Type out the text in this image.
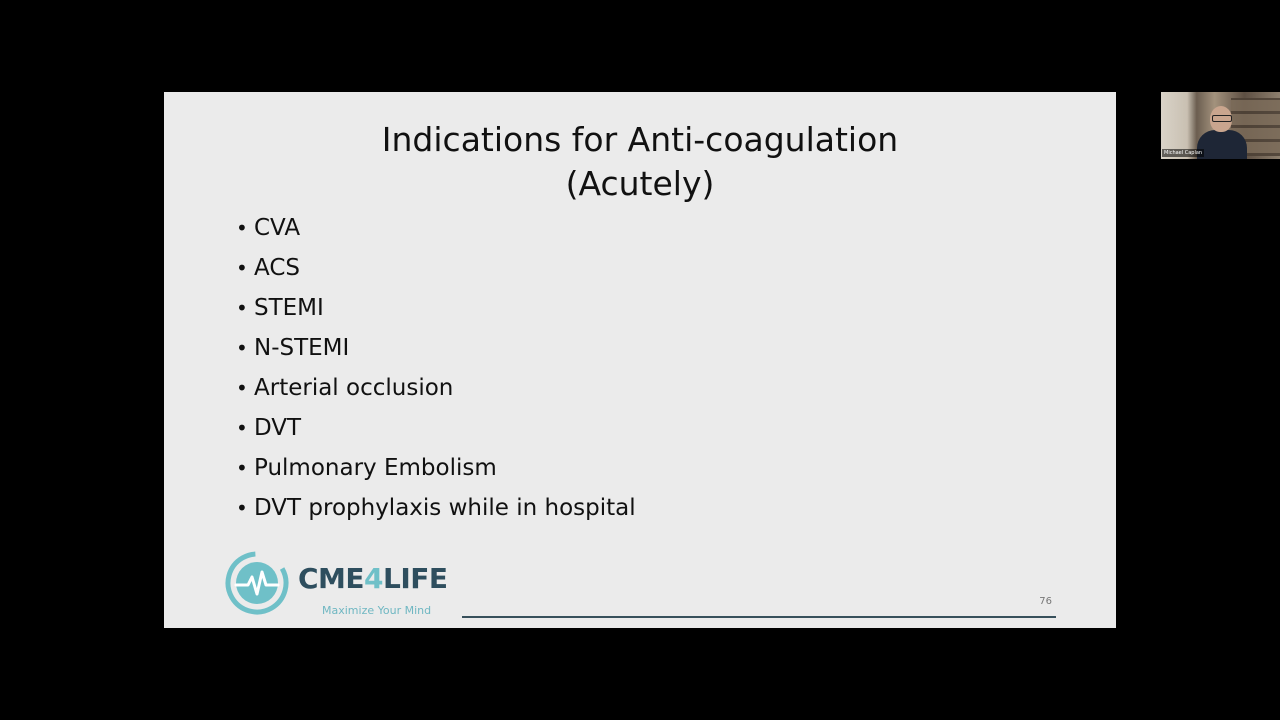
Indications for Anti-coagulation
(Acutely)
• CVA
• ACS
• STEMI
• N-STEMI
• Arterial occlusion
• DVT
• Pulmonary Embolism
• DVT prophylaxis while in hospital
CME4LIFE
Maximize Your Mind
76
Michael Caplan
